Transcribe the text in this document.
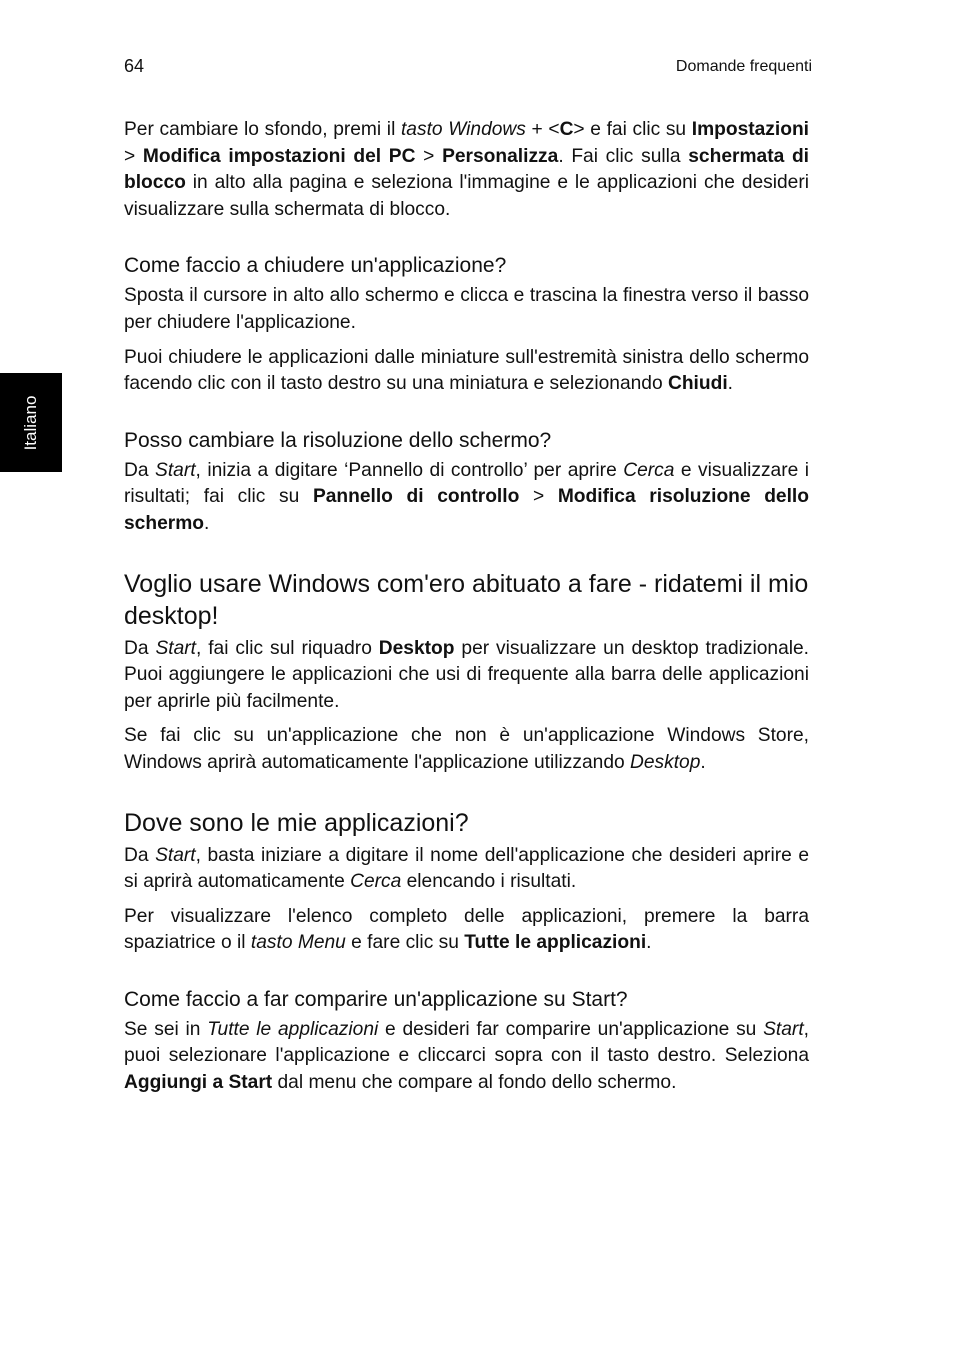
64	Domande frequenti
Italiano

Per cambiare lo sfondo, premi il tasto Windows + <C> e fai clic su Impostazioni > Modifica impostazioni del PC > Personalizza. Fai clic sulla schermata di blocco in alto alla pagina e seleziona l'immagine e le applicazioni che desideri visualizzare sulla schermata di blocco.

Come faccio a chiudere un'applicazione?

Sposta il cursore in alto allo schermo e clicca e trascina la finestra verso il basso per chiudere l'applicazione.

Puoi chiudere le applicazioni dalle miniature sull'estremità sinistra dello schermo facendo clic con il tasto destro su una miniatura e selezionando Chiudi.

Posso cambiare la risoluzione dello schermo?

Da Start, inizia a digitare ‘Pannello di controllo’ per aprire Cerca e visualizzare i risultati; fai clic su Pannello di controllo > Modifica risoluzione dello schermo.

Voglio usare Windows com'ero abituato a fare - ridatemi il mio desktop!

Da Start, fai clic sul riquadro Desktop per visualizzare un desktop tradizionale. Puoi aggiungere le applicazioni che usi di frequente alla barra delle applicazioni per aprirle più facilmente.

Se fai clic su un'applicazione che non è un'applicazione Windows Store, Windows aprirà automaticamente l'applicazione utilizzando Desktop.

Dove sono le mie applicazioni?

Da Start, basta iniziare a digitare il nome dell'applicazione che desideri aprire e si aprirà automaticamente Cerca elencando i risultati.

Per visualizzare l'elenco completo delle applicazioni, premere la barra spaziatrice o il tasto Menu e fare clic su Tutte le applicazioni.

Come faccio a far comparire un'applicazione su Start?

Se sei in Tutte le applicazioni e desideri far comparire un'applicazione su Start, puoi selezionare l'applicazione e cliccarci sopra con il tasto destro. Seleziona Aggiungi a Start dal menu che compare al fondo dello schermo.
